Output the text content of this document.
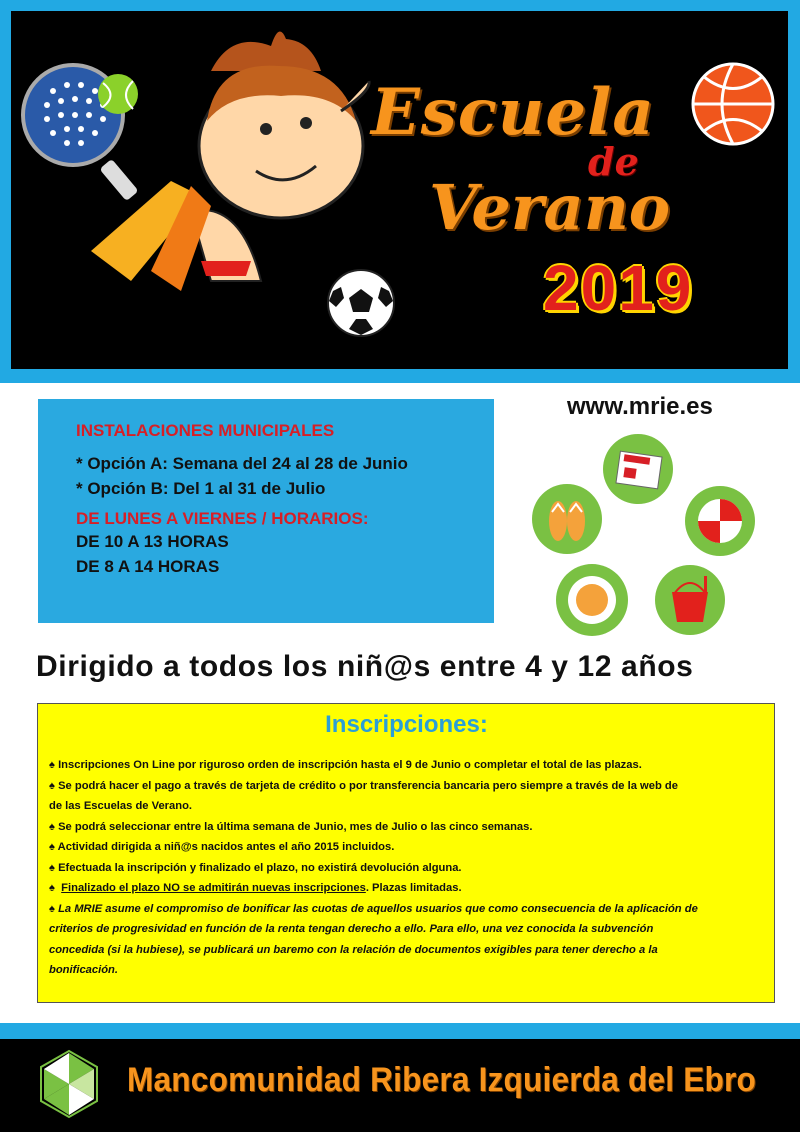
Escuela
de
Verano
2019
INSTALACIONES MUNICIPALES
* Opción A: Semana del 24 al 28 de Junio
* Opción B: Del 1 al 31 de Julio
DE LUNES A VIERNES / HORARIOS:
DE 10 A 13 HORAS
DE 8 A 14 HORAS
www.mrie.es
Dirigido a todos los niñ@s entre 4 y 12 años
Inscripciones:
♠ Inscripciones On Line por riguroso orden de inscripción hasta el 9 de Junio o completar el total de las plazas.
♠ Se podrá hacer el pago a través de tarjeta de crédito o por transferencia bancaria pero siempre a través de la web de
de las Escuelas de Verano.
♠ Se podrá seleccionar entre la última semana de Junio, mes de Julio o las cinco semanas.
♠ Actividad dirigida a niñ@s nacidos antes el año 2015 incluidos.
♠ Efectuada la inscripción y finalizado el plazo, no existirá devolución alguna.
♠ Finalizado el plazo NO se admitirán nuevas inscripciones. Plazas limitadas.
♠ La MRIE asume el compromiso de bonificar las cuotas de aquellos usuarios que como consecuencia de la aplicación de
criterios de progresividad en función de la renta tengan derecho a ello. Para ello, una vez conocida la subvención
concedida (si la hubiese), se publicará un baremo con la relación de documentos exigibles para tener derecho a la
bonificación.
Mancomunidad Ribera Izquierda del Ebro
